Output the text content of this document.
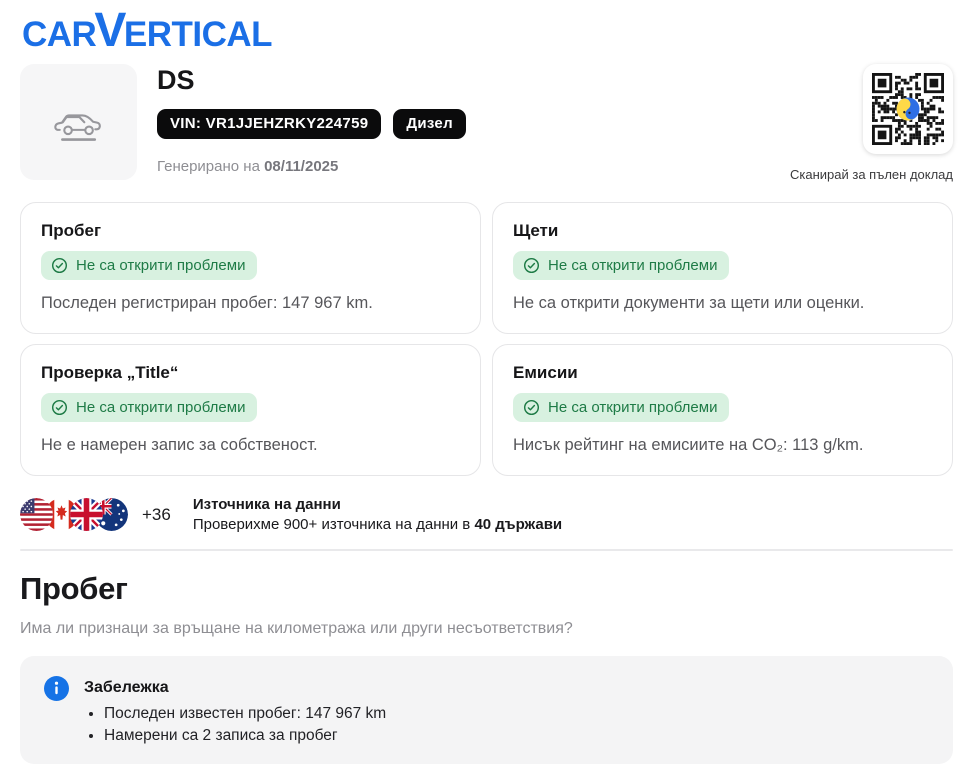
CAR
V
ERTICAL
DS
VIN: VR1JJEHZRKY224759	Дизел
Генерирано на 08/11/2025	Сканирай за пълен доклад
Пробег
Не са открити проблеми
Последен регистриран пробег: 147 967 km.
Щети
Не са открити проблеми
Не са открити документи за щети или оценки.
Проверка „Title“
Не са открити проблеми
Не е намерен запис за собственост.
Емисии
Не са открити проблеми
Нисък рейтинг на емисиите на CO₂: 113 g/km.
+36 Източника на данни
Проверихме 900+ източника на данни в 40 държави
Пробег

Има ли признаци за връщане на километража или други несъответствия?

Забележка
• Последен известен пробег: 147 967 km
• Намерени са 2 записа за пробег
